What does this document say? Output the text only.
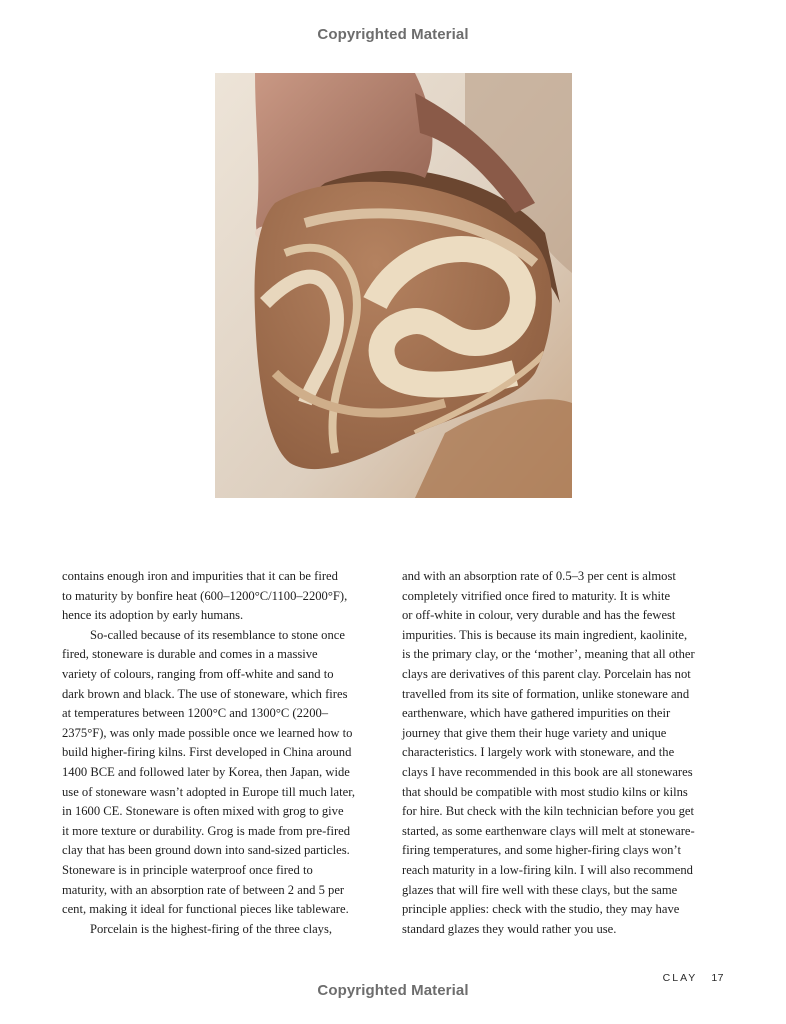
Copyrighted Material

contains enough iron and impurities that it can be fired

to maturity by bonfire heat (600–1200°C/1100–2200°F),

hence its adoption by early humans.

So-called because of its resemblance to stone once

fired, stoneware is durable and comes in a massive

variety of colours, ranging from off-white and sand to

dark brown and black. The use of stoneware, which fires

at temperatures between 1200°C and 1300°C (2200–

2375°F), was only made possible once we learned how to

build higher-firing kilns. First developed in China around

1400 BCE and followed later by Korea, then Japan, wide

use of stoneware wasn’t adopted in Europe till much later,

in 1600 CE. Stoneware is often mixed with grog to give

it more texture or durability. Grog is made from pre-fired

clay that has been ground down into sand-sized particles.

Stoneware is in principle waterproof once fired to

maturity, with an absorption rate of between 2 and 5 per

cent, making it ideal for functional pieces like tableware.

Porcelain is the highest-firing of the three clays,

and with an absorption rate of 0.5–3 per cent is almost

completely vitrified once fired to maturity. It is white

or off-white in colour, very durable and has the fewest

impurities. This is because its main ingredient, kaolinite,

is the primary clay, or the ‘mother’, meaning that all other

clays are derivatives of this parent clay. Porcelain has not

travelled from its site of formation, unlike stoneware and

earthenware, which have gathered impurities on their

journey that give them their huge variety and unique

characteristics. I largely work with stoneware, and the

clays I have recommended in this book are all stonewares

that should be compatible with most studio kilns or kilns

for hire. But check with the kiln technician before you get

started, as some earthenware clays will melt at stoneware-

firing temperatures, and some higher-firing clays won’t

reach maturity in a low-firing kiln. I will also recommend

glazes that will fire well with these clays, but the same

principle applies: check with the studio, they may have

standard glazes they would rather you use.

CLAY 17
Copyrighted Material
